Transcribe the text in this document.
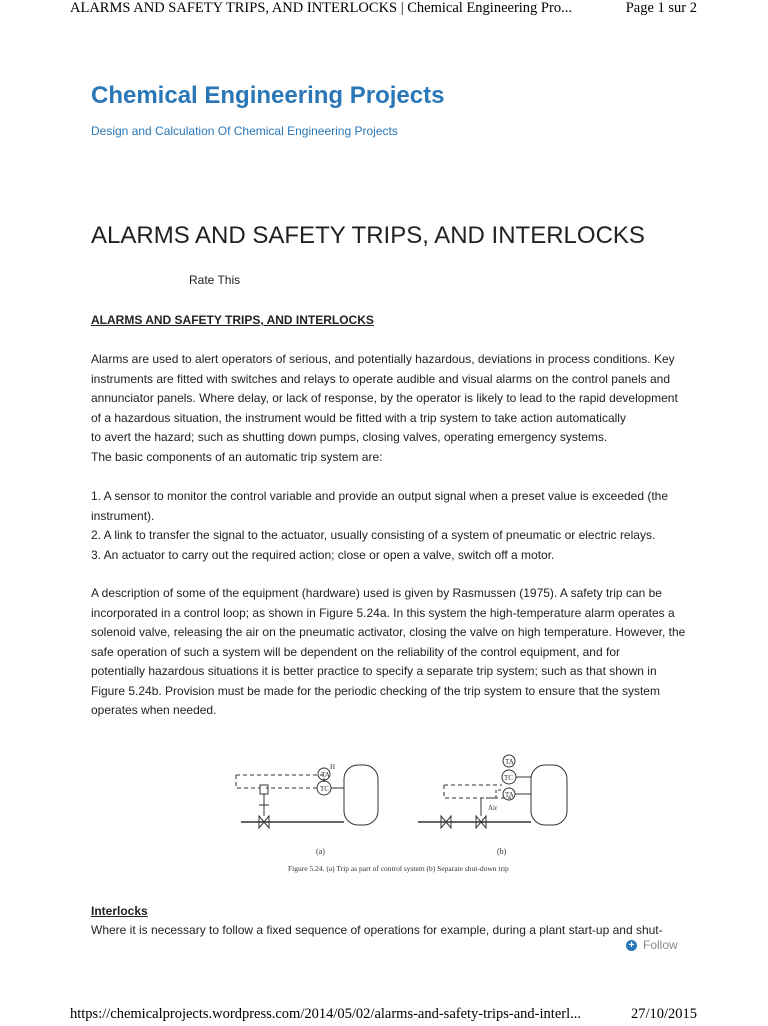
ALARMS AND SAFETY TRIPS, AND INTERLOCKS | Chemical Engineering Pro...	Page 1 sur 2
Chemical Engineering Projects
Design and Calculation Of Chemical Engineering Projects
ALARMS AND SAFETY TRIPS, AND INTERLOCKS
Rate This
ALARMS AND SAFETY TRIPS, AND INTERLOCKS

Alarms are used to alert operators of serious, and potentially hazardous, deviations in process conditions. Key
instruments are fitted with switches and relays to operate audible and visual alarms on the control panels and
annunciator panels. Where delay, or lack of response, by the operator is likely to lead to the rapid development
of a hazardous situation, the instrument would be fitted with a trip system to take action automatically
to avert the hazard; such as shutting down pumps, closing valves, operating emergency systems.
The basic components of an automatic trip system are:

1. A sensor to monitor the control variable and provide an output signal when a preset value is exceeded (the
instrument).
2. A link to transfer the signal to the actuator, usually consisting of a system of pneumatic or electric relays.
3. An actuator to carry out the required action; close or open a valve, switch off a motor.

A description of some of the equipment (hardware) used is given by Rasmussen (1975). A safety trip can be
incorporated in a control loop; as shown in Figure 5.24a. In this system the high-temperature alarm operates a
solenoid valve, releasing the air on the pneumatic activator, closing the valve on high temperature. However, the
safe operation of such a system will be dependent on the reliability of the control equipment, and for
potentially hazardous situations it is better practice to specify a separate trip system; such as that shown in
Figure 5.24b. Provision must be made for the periodic checking of the trip system to ensure that the system
operates when needed.

TA
TC
H
TA
TC
TA
Air
(a)	(b)
Figure 5.24. (a) Trip as part of control system (b) Separate shut-down trip
Interlocks
Where it is necessary to follow a fixed sequence of operations for example, during a plant start-up and shut-
+ Follow
https://chemicalprojects.wordpress.com/2014/05/02/alarms-and-safety-trips-and-interl...	27/10/2015
